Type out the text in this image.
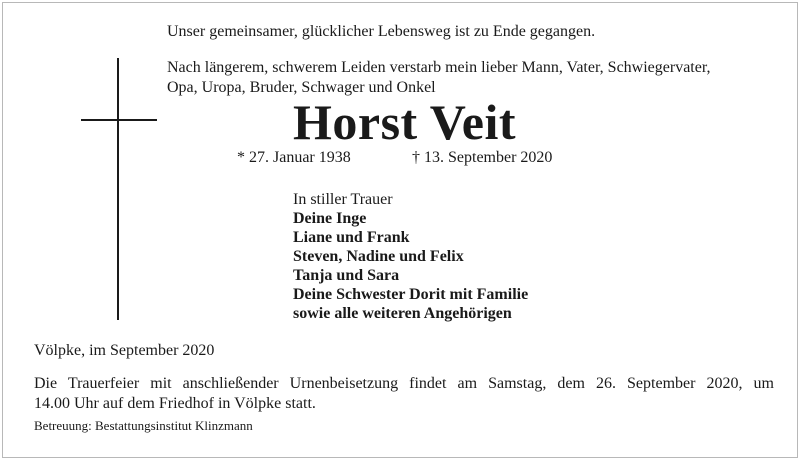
Unser gemeinsamer, glücklicher Lebensweg ist zu Ende gegangen.
Nach längerem, schwerem Leiden verstarb mein lieber Mann, Vater, Schwiegervater,
Opa, Uropa, Bruder, Schwager und Onkel
Horst Veit
* 27. Januar 1938	† 13. September 2020
In stiller Trauer
Deine Inge
Liane und Frank
Steven, Nadine und Felix
Tanja und Sara
Deine Schwester Dorit mit Familie
sowie alle weiteren Angehörigen
Völpke, im September 2020
Die Trauerfeier mit anschließender Urnenbeisetzung findet am Samstag, dem 26. September 2020, um
14.00 Uhr auf dem Friedhof in Völpke statt.
Betreuung: Bestattungsinstitut Klinzmann
